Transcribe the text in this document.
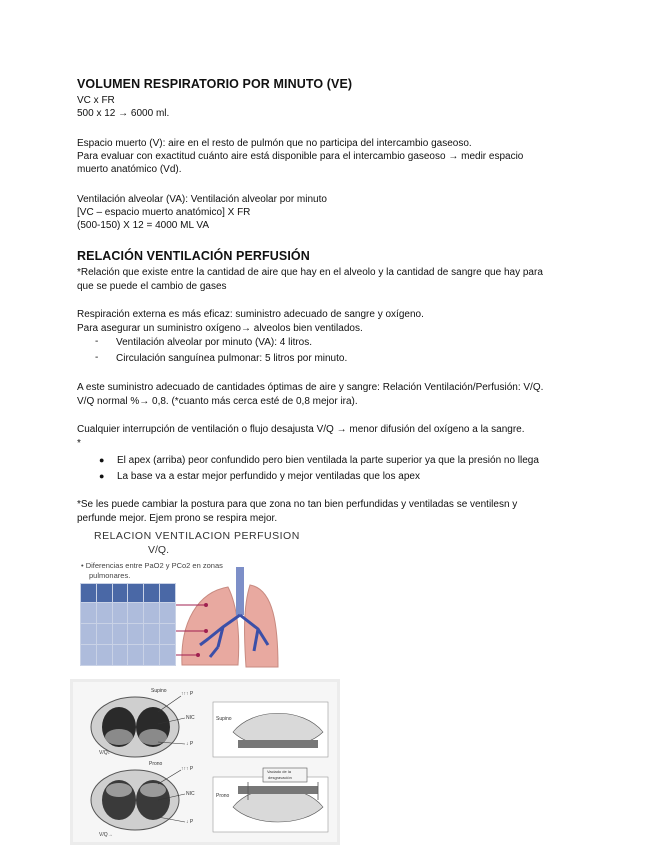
VOLUMEN RESPIRATORIO POR MINUTO (VE)
VC x FR
500 x 12 → 6000 ml.
Espacio muerto (V): aire en el resto de pulmón que no participa del intercambio gaseoso.
Para evaluar con exactitud cuánto aire está disponible para el intercambio gaseoso → medir espacio
muerto anatómico (Vd).
Ventilación alveolar (VA): Ventilación alveolar por minuto
[VC – espacio muerto anatómico] X FR
(500-150) X 12 = 4000 ML VA
RELACIÓN VENTILACIÓN PERFUSIÓN
*Relación que existe entre la cantidad de aire que hay en el alveolo y la cantidad de sangre que hay para
que se puede el cambio de gases
Respiración externa es más eficaz: suministro adecuado de sangre y oxígeno.
Para asegurar un suministro oxígeno→ alveolos bien ventilados.
- Ventilación alveolar por minuto (VA): 4 litros.
- Circulación sanguínea pulmonar: 5 litros por minuto.
A este suministro adecuado de cantidades óptimas de aire y sangre: Relación Ventilación/Perfusión: V/Q.
V/Q normal %→ 0,8. (*cuanto más cerca esté de 0,8 mejor ira).
Cualquier interrupción de ventilación o flujo desajusta V/Q → menor difusión del oxígeno a la sangre.
*
● El apex (arriba) peor confundido pero bien ventilada la parte superior ya que la presión no llega
● La base va a estar mejor perfundido y mejor ventiladas que los apex
*Se les puede cambiar la postura para que zona no tan bien perfundidas y ventiladas se ventilesn y
perfunde mejor. Ejem prono se respira mejor.
RELACION VENTILACION PERFUSION
V/Q.
• Diferencias entre PaO2 y PCo2 en zonas
pulmonares.

Supino	↑↑↑ P
NIC
↓ P
V/Q↓
Supino
Prono
↑↑↑ P
NIC
↓ P
V/Q→
Prono
Vaciado de la
desgravación
